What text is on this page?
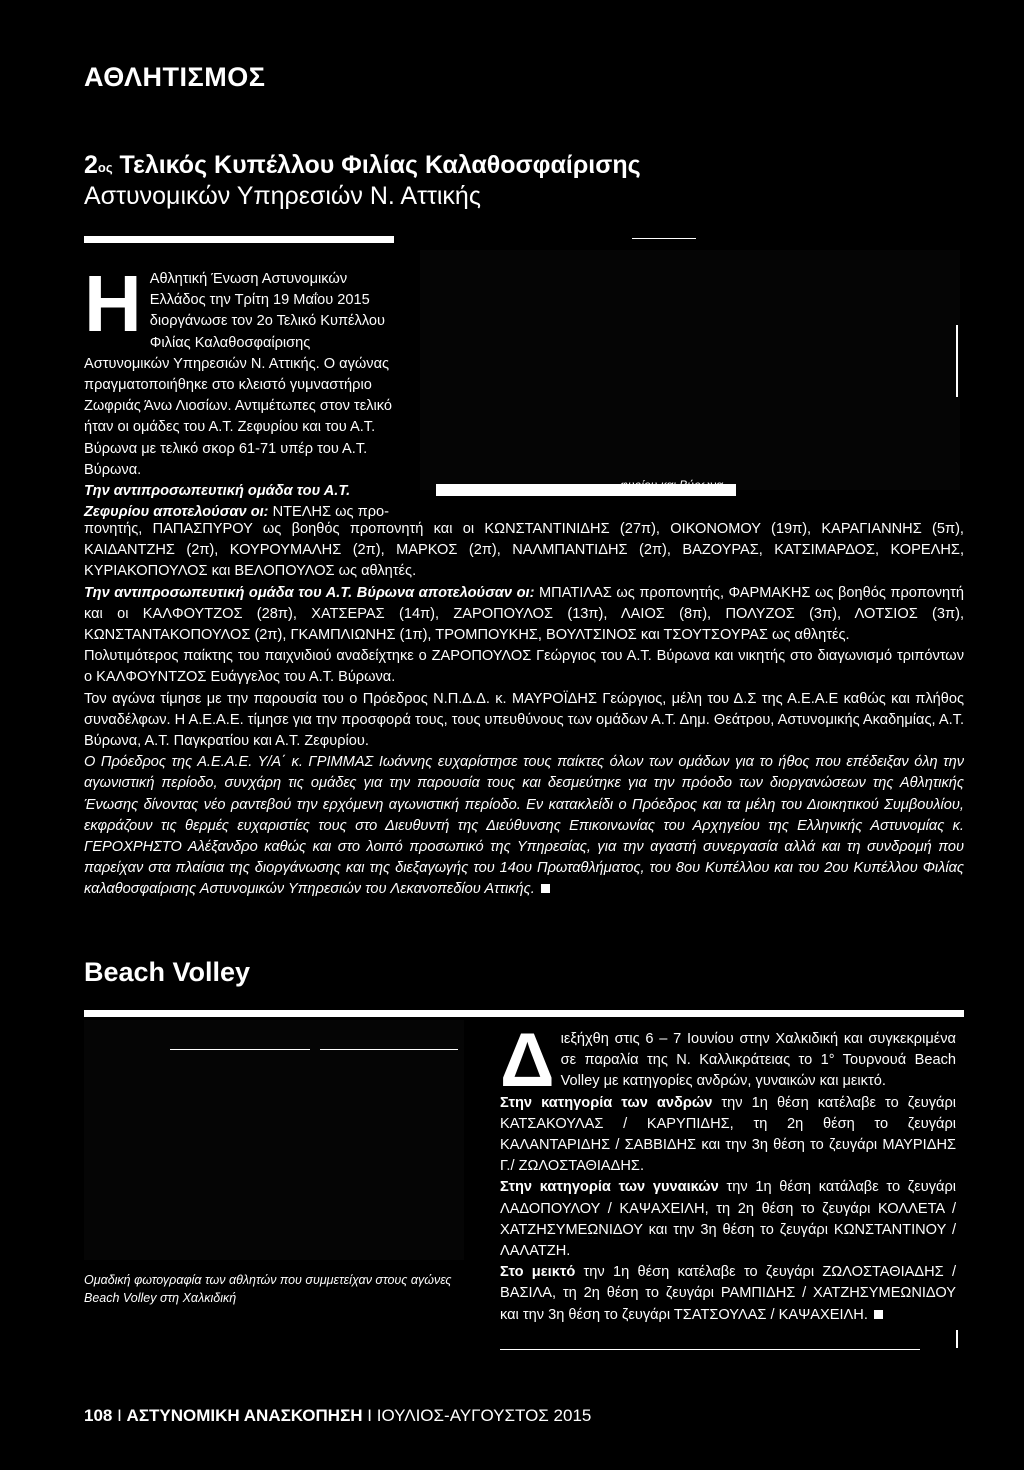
ΑΘΛΗΤΙΣΜΟΣ
$2^{o\varsigma}$ Τελικός Κυπέλλου Φιλίας Καλαθοσφαίρισης
Αστυνομικών Υπηρεσιών Ν. Αττικής
Η Αθλητική Ένωση Αστυνομικών Ελλάδος την Τρίτη 19 Μαΐου 2015 διοργάνωσε τον 2ο Τελικό Κυπέλλου Φιλίας Καλαθοσφαίρισης Αστυνομικών Υπηρεσιών Ν. Αττικής. Ο αγώνας πραγματοποιήθηκε στο κλειστό γυμναστήριο Ζωφριάς Άνω Λιοσίων. Αντιμέτωπες στον τελικό ήταν οι ομάδες του Α.Τ. Ζεφυρίου και του Α.Τ. Βύρωνα με τελικό σκορ 61-71 υπέρ του Α.Τ. Βύρωνα.
Την αντιπροσωπευτική ομάδα του Α.Τ. Ζεφυρίου αποτελούσαν οι: ΝΤΕΛΗΣ ως προ-
φυρίου και Βύρωνα
πονητής, ΠΑΠΑΣΠΥΡΟΥ ως βοηθός προπονητή και οι ΚΩΝΣΤΑΝΤΙΝΙΔΗΣ (27π), ΟΙΚΟΝΟΜΟΥ (19π), ΚΑΡΑΓΙΑΝΝΗΣ (5π), ΚΑΙΔΑΝΤΖΗΣ (2π), ΚΟΥΡΟΥΜΑΛΗΣ (2π), ΜΑΡΚΟΣ (2π), ΝΑΛΜΠΑΝΤΙΔΗΣ (2π), ΒΑΖΟΥΡΑΣ, ΚΑΤΣΙΜΑΡΔΟΣ, ΚΟΡΕΛΗΣ, ΚΥΡΙΑΚΟΠΟΥΛΟΣ και ΒΕΛΟΠΟΥΛΟΣ ως αθλητές.
Την αντιπροσωπευτική ομάδα του Α.Τ. Βύρωνα αποτελούσαν οι: ΜΠΑΤΙΛΑΣ ως προπονητής, ΦΑΡΜΑΚΗΣ ως βοηθός προπονητή και οι ΚΑΛΦΟΥΤΖΟΣ (28π), ΧΑΤΣΕΡΑΣ (14π), ΖΑΡΟΠΟΥΛΟΣ (13π), ΛΑΙΟΣ (8π), ΠΟΛΥΖΟΣ (3π), ΛΟΤΣΙΟΣ (3π), ΚΩΝΣΤΑΝΤΑΚΟΠΟΥΛΟΣ (2π), ΓΚΑΜΠΛΙΩΝΗΣ (1π), ΤΡΟΜΠΟΥΚΗΣ, ΒΟΥΛΤΣΙΝΟΣ και ΤΣΟΥΤΣΟΥΡΑΣ ως αθλητές.
Πολυτιμότερος παίκτης του παιχνιδιού αναδείχτηκε ο ΖΑΡΟΠΟΥΛΟΣ Γεώργιος του Α.Τ. Βύρωνα και νικητής στο διαγωνισμό τριπόντων ο ΚΑΛΦΟΥΝΤΖΟΣ Ευάγγελος του Α.Τ. Βύρωνα.
Τον αγώνα τίμησε με την παρουσία του ο Πρόεδρος Ν.Π.Δ.Δ. κ. ΜΑΥΡΟΪΔΗΣ Γεώργιος, μέλη του Δ.Σ της Α.Ε.Α.Ε καθώς και πλήθος συναδέλφων. Η Α.Ε.Α.Ε. τίμησε για την προσφορά τους, τους υπευθύνους των ομάδων Α.Τ. Δημ. Θεάτρου, Αστυνομικής Ακαδημίας, Α.Τ. Βύρωνα, Α.Τ. Παγκρατίου και Α.Τ. Ζεφυρίου.
Ο Πρόεδρος της Α.Ε.Α.Ε. Υ/Α΄ κ. ΓΡΙΜΜΑΣ Ιωάννης ευχαρίστησε τους παίκτες όλων των ομάδων για το ήθος που επέδειξαν όλη την αγωνιστική περίοδο, συνχάρη τις ομάδες για την παρουσία τους και δεσμεύτηκε για την πρόοδο των διοργανώσεων της Αθλητικής Ένωσης δίνοντας νέο ραντεβού την ερχόμενη αγωνιστική περίοδο. Εν κατακλείδι ο Πρόεδρος και τα μέλη του Διοικητικού Συμβουλίου, εκφράζουν τις θερμές ευχαριστίες τους στο Διευθυντή της Διεύθυνσης Επικοινωνίας του Αρχηγείου της Ελληνικής Αστυνομίας κ. ΓΕΡΟΧΡΗΣΤΟ Αλέξανδρο καθώς και στο λοιπό προσωπικό της Υπηρεσίας, για την αγαστή συνεργασία αλλά και τη συνδρομή που παρείχαν στα πλαίσια της διοργάνωσης και της διεξαγωγής του 14ου Πρωταθλήματος, του 8ου Κυπέλλου και του 2ου Κυπέλλου Φιλίας καλαθοσφαίρισης Αστυνομικών Υπηρεσιών του Λεκανοπεδίου Αττικής.
Beach Volley
Ομαδική φωτογραφία των αθλητών που συμμετείχαν στους αγώνες Beach Volley στη Χαλκιδική
Δ ιεξήχθη στις 6 – 7 Ιουνίου στην Χαλκιδική και συγκεκριμένα σε παραλία της Ν. Καλλικράτειας το 1° Τουρνουά Beach Volley με κατηγορίες ανδρών, γυναικών και μεικτό.
Στην κατηγορία των ανδρών την 1η θέση κατέλαβε το ζευγάρι ΚΑΤΣΑΚΟΥΛΑΣ / ΚΑΡΥΠΙΔΗΣ, τη 2η θέση το ζευγάρι ΚΑΛΑΝΤΑΡΙΔΗΣ / ΣΑΒΒΙΔΗΣ και την 3η θέση το ζευγάρι ΜΑΥΡΙΔΗΣ Γ./ ΖΩΛΟΣΤΑΘΙΑΔΗΣ.
Στην κατηγορία των γυναικών την 1η θέση κατάλαβε το ζευγάρι ΛΑΔΟΠΟΥΛΟΥ / ΚΑΨΑΧΕΙΛΗ, τη 2η θέση το ζευγάρι ΚΟΛΛΕΤΑ / ΧΑΤΖΗΣΥΜΕΩΝΙΔΟΥ και την 3η θέση το ζευγάρι ΚΩΝΣΤΑΝΤΙΝΟΥ / ΛΑΛΑΤΖΗ.
Στο μεικτό την 1η θέση κατέλαβε το ζευγάρι ΖΩΛΟΣΤΑΘΙΑΔΗΣ / ΒΑΣΙΛΑ, τη 2η θέση το ζευγάρι ΡΑΜΠΙΔΗΣ / ΧΑΤΖΗΣΥΜΕΩΝΙΔΟΥ και την 3η θέση το ζευγάρι ΤΣΑΤΣΟΥΛΑΣ / ΚΑΨΑΧΕΙΛΗ.
108 I ΑΣΤΥΝΟΜΙΚΗ ΑΝΑΣΚΟΠΗΣΗ I ΙΟΥΛΙΟΣ-ΑΥΓΟΥΣΤΟΣ 2015
